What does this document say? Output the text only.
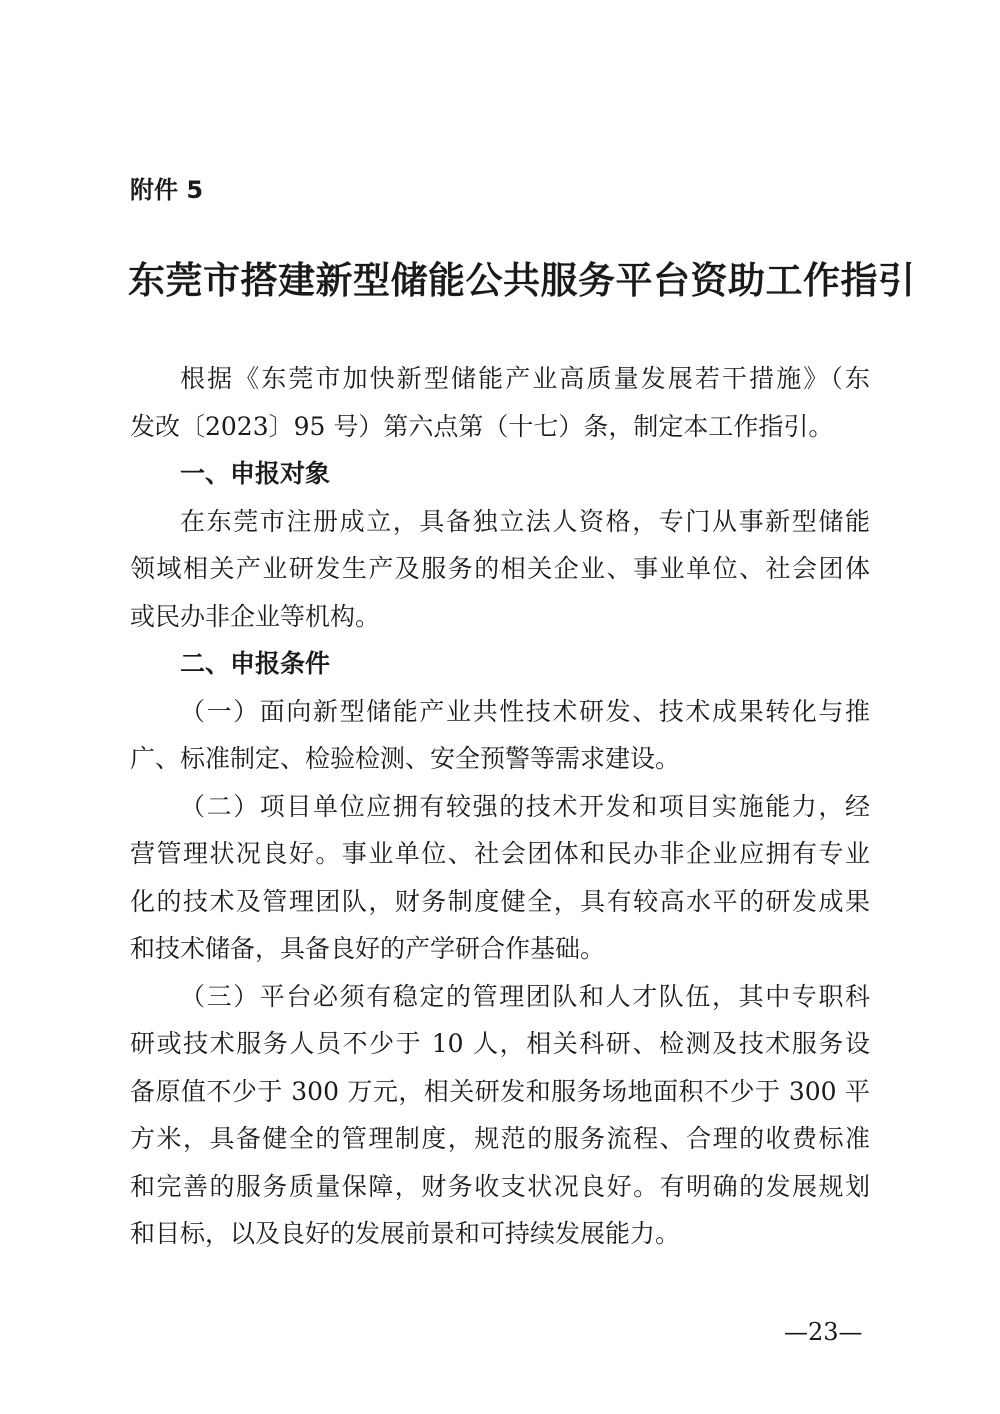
附件 5
东莞市搭建新型储能公共服务平台资助工作指引
根据《东莞市加快新型储能产业高质量发展若干措施》（东
发改〔2023〕95 号）第六点第（十七）条，制定本工作指引。
一、申报对象
在东莞市注册成立，具备独立法人资格，专门从事新型储能
领域相关产业研发生产及服务的相关企业、事业单位、社会团体
或民办非企业等机构。
二、申报条件
（一）面向新型储能产业共性技术研发、技术成果转化与推
广、标准制定、检验检测、安全预警等需求建设。
（二）项目单位应拥有较强的技术开发和项目实施能力，经
营管理状况良好。事业单位、社会团体和民办非企业应拥有专业
化的技术及管理团队，财务制度健全，具有较高水平的研发成果
和技术储备，具备良好的产学研合作基础。
（三）平台必须有稳定的管理团队和人才队伍，其中专职科
研或技术服务人员不少于 10 人，相关科研、检测及技术服务设
备原值不少于 300 万元，相关研发和服务场地面积不少于 300 平
方米，具备健全的管理制度，规范的服务流程、合理的收费标准
和完善的服务质量保障，财务收支状况良好。有明确的发展规划
和目标，以及良好的发展前景和可持续发展能力。
—23—
